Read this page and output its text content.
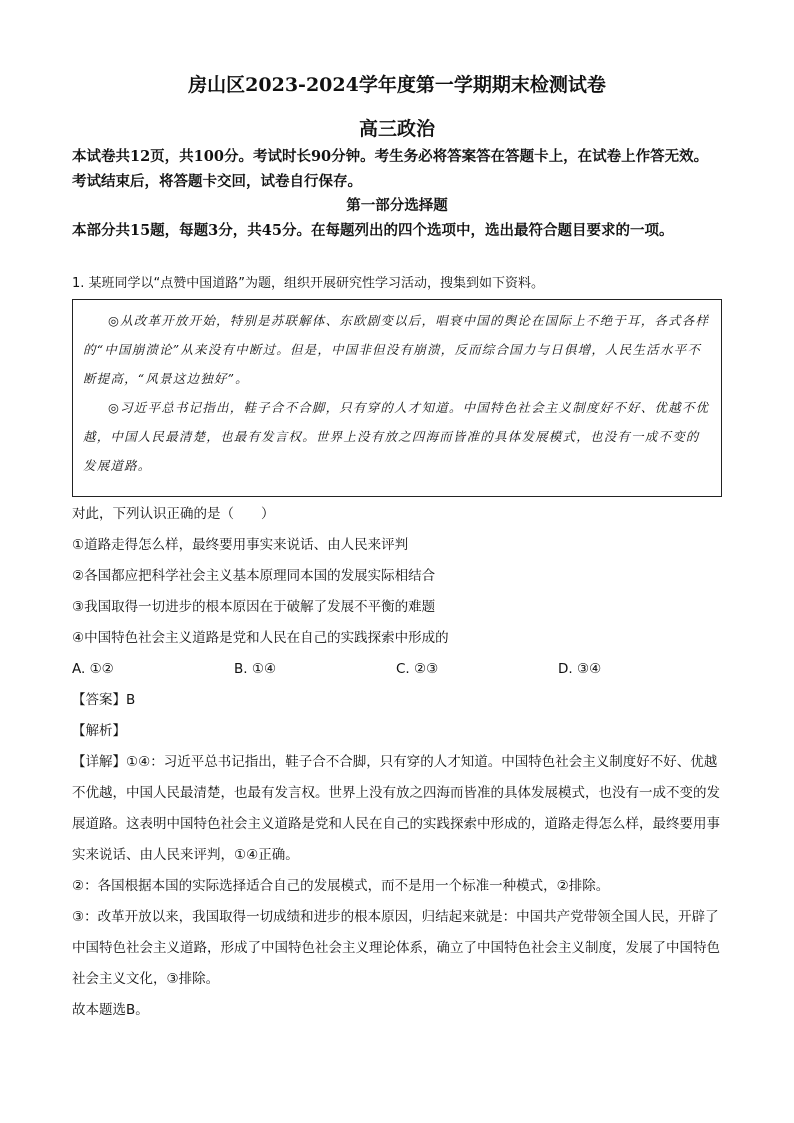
房山区2023-2024学年度第一学期期末检测试卷
高三政治

本试卷共12页，共100分。考试时长90分钟。考生务必将答案答在答题卡上，在试卷上作答无效。考试结束后，将答题卡交回，试卷自行保存。

第一部分选择题

本部分共15题，每题3分，共45分。在每题列出的四个选项中，选出最符合题目要求的一项。

1. 某班同学以“点赞中国道路”为题，组织开展研究性学习活动，搜集到如下资料。

◎从改革开放开始，特别是苏联解体、东欧剧变以后，唱衰中国的舆论在国际上不绝于耳，各式各样的“中国崩溃论”从来没有中断过。但是，中国非但没有崩溃，反而综合国力与日俱增，人民生活水平不断提高，“风景这边独好”。

◎习近平总书记指出，鞋子合不合脚，只有穿的人才知道。中国特色社会主义制度好不好、优越不优越，中国人民最清楚，也最有发言权。世界上没有放之四海而皆准的具体发展模式，也没有一成不变的发展道路。

对此，下列认识正确的是（　　）

①道路走得怎么样，最终要用事实来说话、由人民来评判

②各国都应把科学社会主义基本原理同本国的发展实际相结合

③我国取得一切进步的根本原因在于破解了发展不平衡的难题

④中国特色社会主义道路是党和人民在自己的实践探索中形成的

A. ①②	B. ①④	C. ②③	D. ③④

【答案】B

【解析】

【详解】①④：习近平总书记指出，鞋子合不合脚，只有穿的人才知道。中国特色社会主义制度好不好、优越不优越，中国人民最清楚，也最有发言权。世界上没有放之四海而皆准的具体发展模式，也没有一成不变的发展道路。这表明中国特色社会主义道路是党和人民在自己的实践探索中形成的，道路走得怎么样，最终要用事实来说话、由人民来评判，①④正确。

②：各国根据本国的实际选择适合自己的发展模式，而不是用一个标准一种模式，②排除。

③：改革开放以来，我国取得一切成绩和进步的根本原因，归结起来就是：中国共产党带领全国人民，开辟了中国特色社会主义道路，形成了中国特色社会主义理论体系，确立了中国特色社会主义制度，发展了中国特色社会主义文化，③排除。

故本题选B。
